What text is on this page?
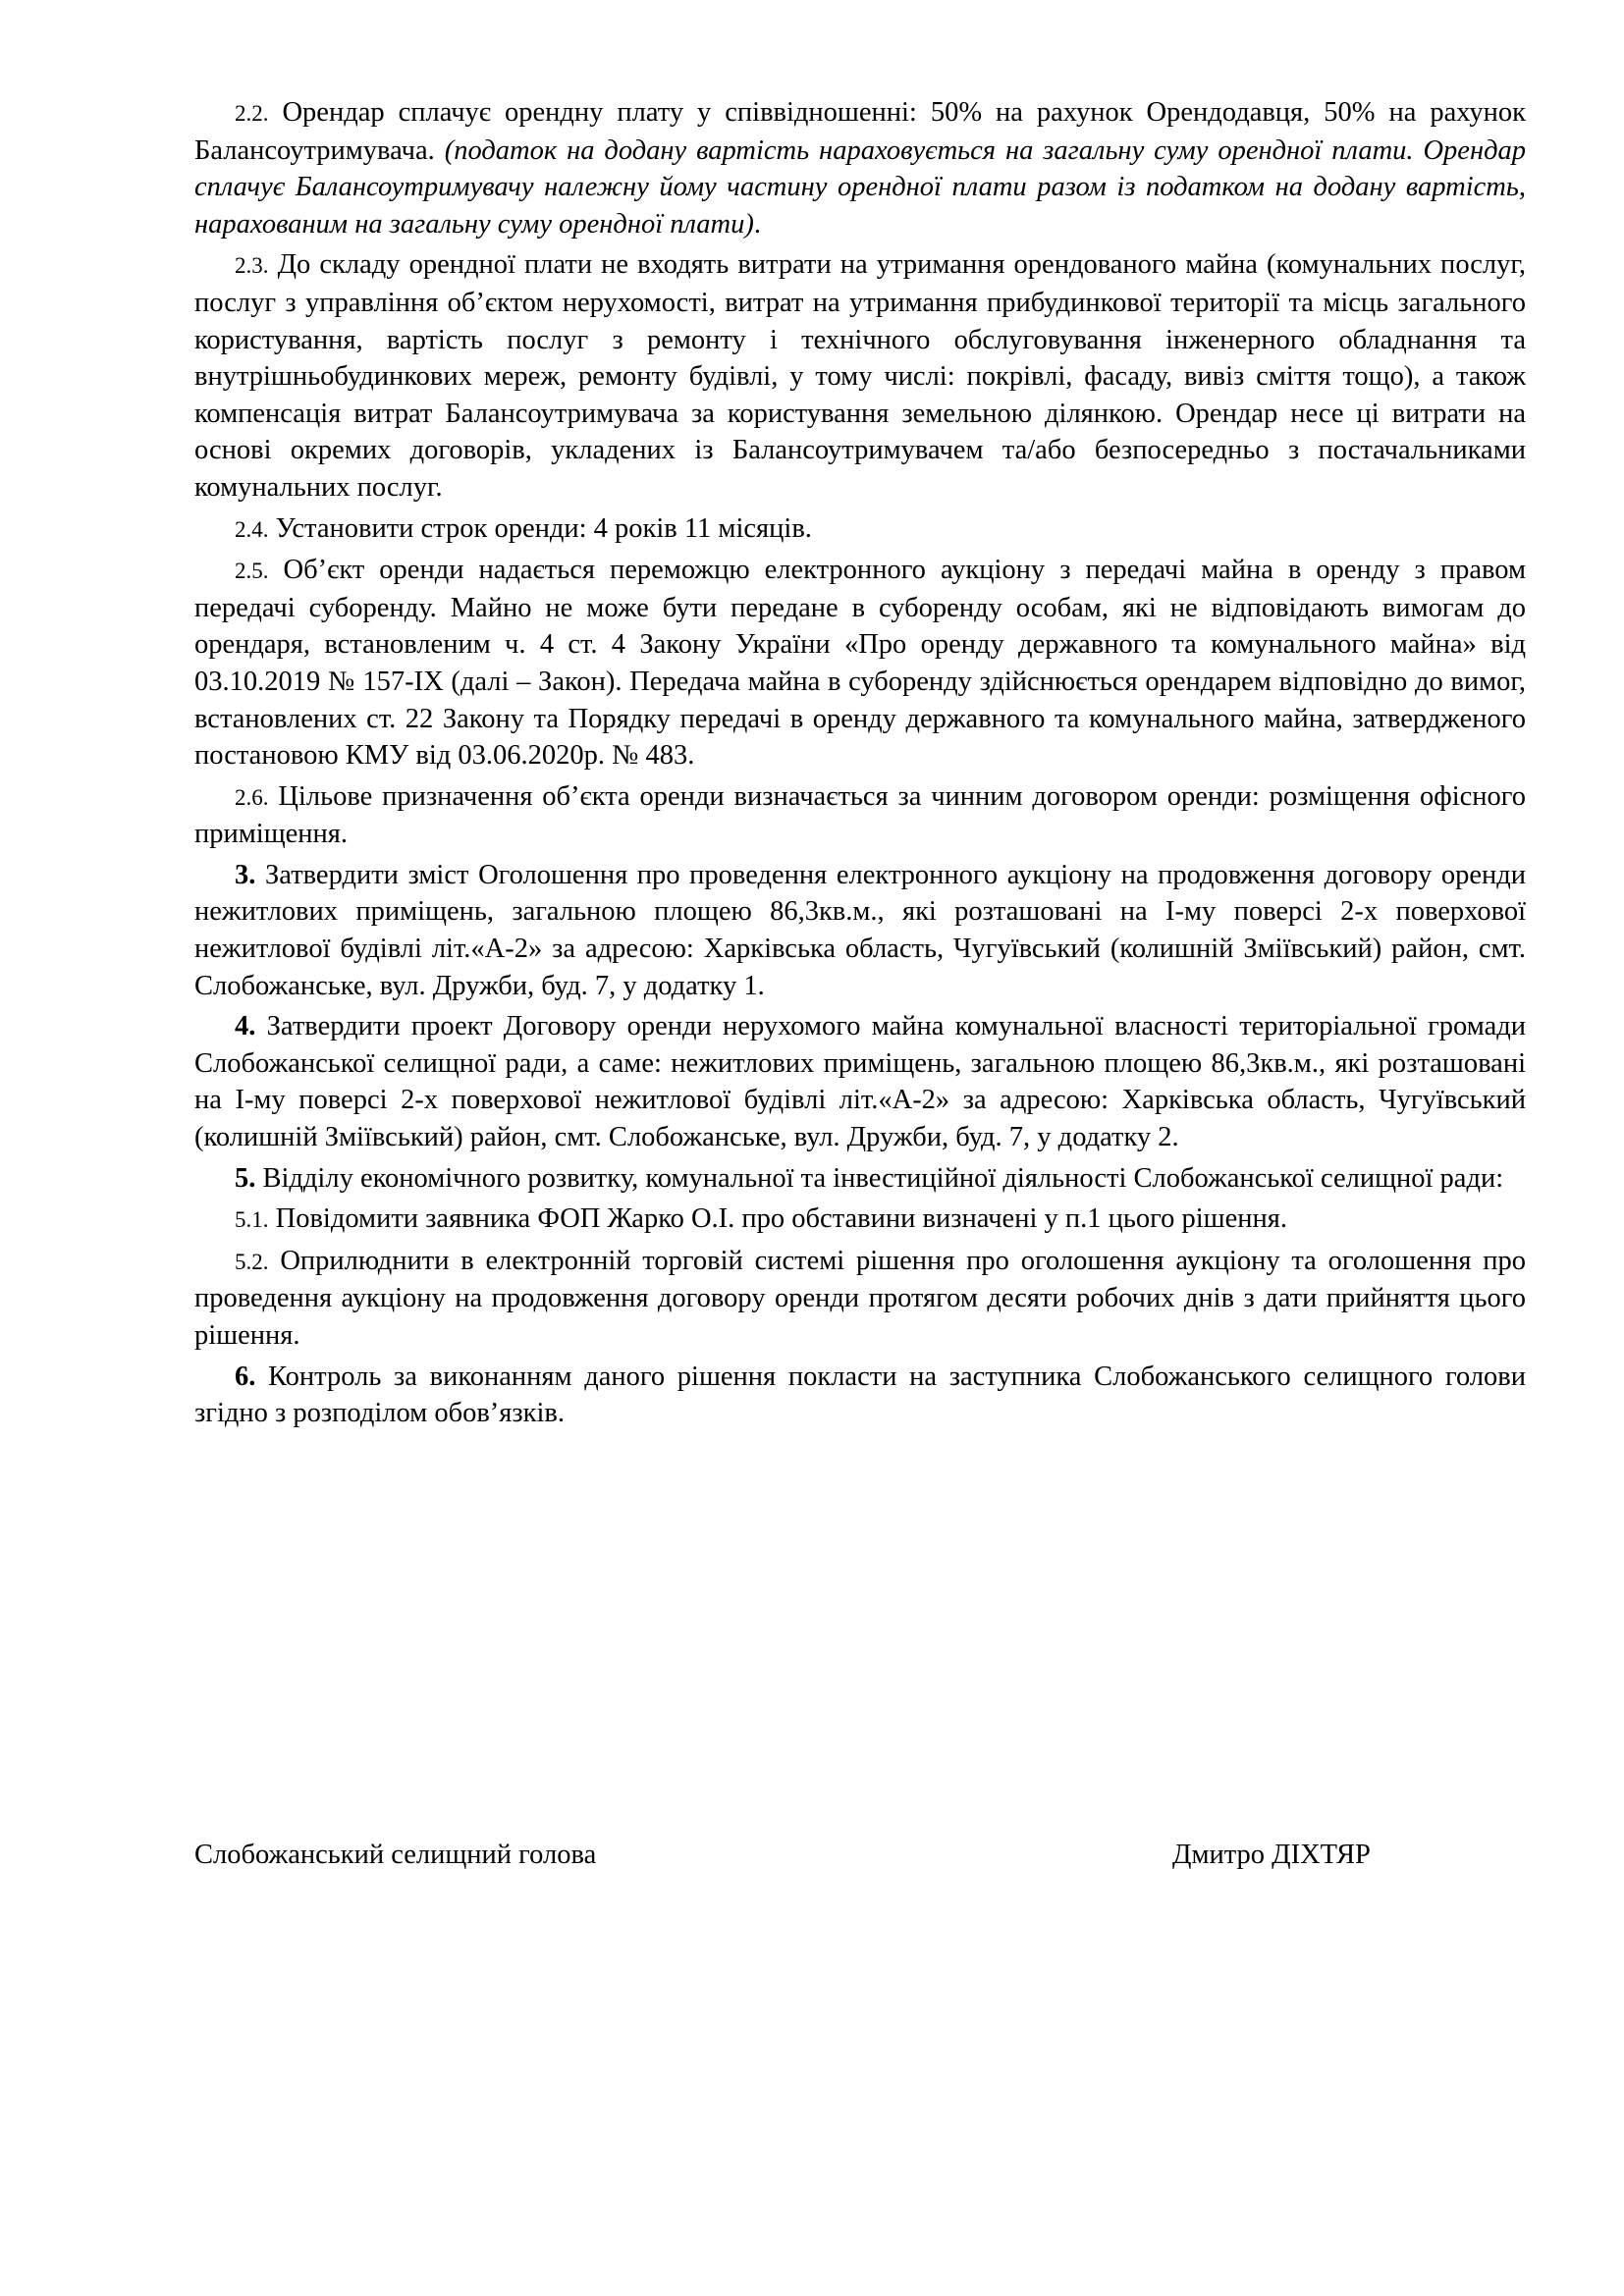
2.2. Орендар сплачує орендну плату у співвідношенні: 50% на рахунок Орендодавця, 50% на рахунок Балансоутримувача. (податок на додану вартість нараховується на загальну суму орендної плати. Орендар сплачує Балансоутримувачу належну йому частину орендної плати разом із податком на додану вартість, нарахованим на загальну суму орендної плати).

2.3. До складу орендної плати не входять витрати на утримання орендованого майна (комунальних послуг, послуг з управління об’єктом нерухомості, витрат на утримання прибудинкової території та місць загального користування, вартість послуг з ремонту і технічного обслуговування інженерного обладнання та внутрішньобудинкових мереж, ремонту будівлі, у тому числі: покрівлі, фасаду, вивіз сміття тощо), а також компенсація витрат Балансоутримувача за користування земельною ділянкою. Орендар несе ці витрати на основі окремих договорів, укладених із Балансоутримувачем та/або безпосередньо з постачальниками комунальних послуг.

2.4. Установити строк оренди: 4 років 11 місяців.

2.5. Об’єкт оренди надається переможцю електронного аукціону з передачі майна в оренду з правом передачі суборенду. Майно не може бути передане в суборенду особам, які не відповідають вимогам до орендаря, встановленим ч. 4 ст. 4 Закону України «Про оренду державного та комунального майна» від 03.10.2019 № 157-IX (далі – Закон). Передача майна в суборенду здійснюється орендарем відповідно до вимог, встановлених ст. 22 Закону та Порядку передачі в оренду державного та комунального майна, затвердженого постановою КМУ від 03.06.2020р. № 483.

2.6. Цільове призначення об’єкта оренди визначається за чинним договором оренди: розміщення офісного приміщення.

3. Затвердити зміст Оголошення про проведення електронного аукціону на продовження договору оренди нежитлових приміщень, загальною площею 86,3кв.м., які розташовані на І-му поверсі 2-х поверхової нежитлової будівлі літ.«А-2» за адресою: Харківська область, Чугуївський (колишній Зміївський) район, смт. Слобожанське, вул. Дружби, буд. 7, у додатку 1.

4. Затвердити проект Договору оренди нерухомого майна комунальної власності територіальної громади Слобожанської селищної ради, а саме: нежитлових приміщень, загальною площею 86,3кв.м., які розташовані на І-му поверсі 2-х поверхової нежитлової будівлі літ.«А-2» за адресою: Харківська область, Чугуївський (колишній Зміївський) район, смт. Слобожанське, вул. Дружби, буд. 7, у додатку 2.

5. Відділу економічного розвитку, комунальної та інвестиційної діяльності Слобожанської селищної ради:

5.1. Повідомити заявника ФОП Жарко О.І. про обставини визначені у п.1 цього рішення.

5.2. Оприлюднити в електронній торговій системі рішення про оголошення аукціону та оголошення про проведення аукціону на продовження договору оренди протягом десяти робочих днів з дати прийняття цього рішення.

6. Контроль за виконанням даного рішення покласти на заступника Слобожанського селищного голови згідно з розподілом обов’язків.

Слобожанський селищний голова	Дмитро ДІХТЯР
